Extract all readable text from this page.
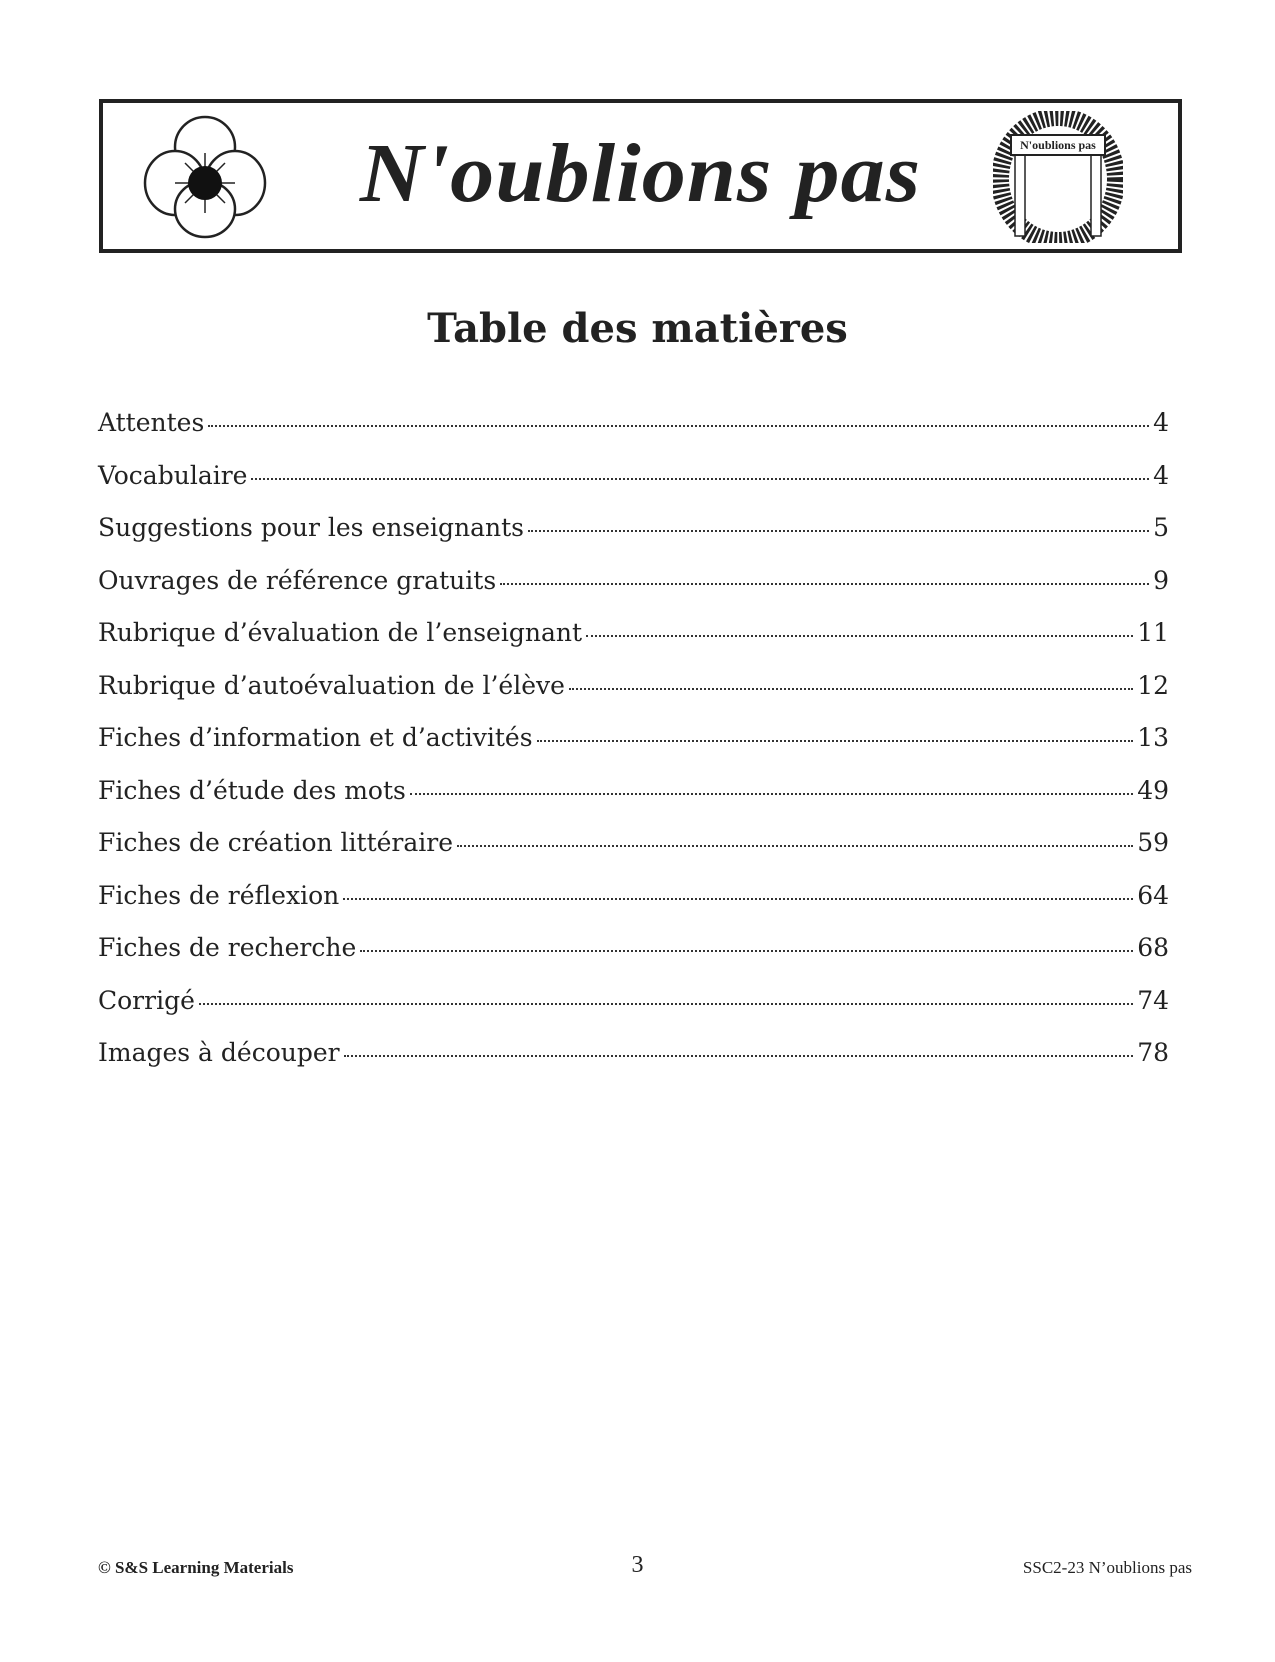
N'oublions pas	N'oublions pas
Table des matières
Attentes	4
Vocabulaire	4
Suggestions pour les enseignants	5
Ouvrages de référence gratuits	9
Rubrique d’évaluation de l’enseignant	11
Rubrique d’autoévaluation de l’élève	12
Fiches d’information et d’activités	13
Fiches d’étude des mots	49
Fiches de création littéraire	59
Fiches de réflexion	64
Fiches de recherche	68
Corrigé	74
Images à découper	78
© S&S Learning Materials	3	SSC2-23 N’oublions pas
